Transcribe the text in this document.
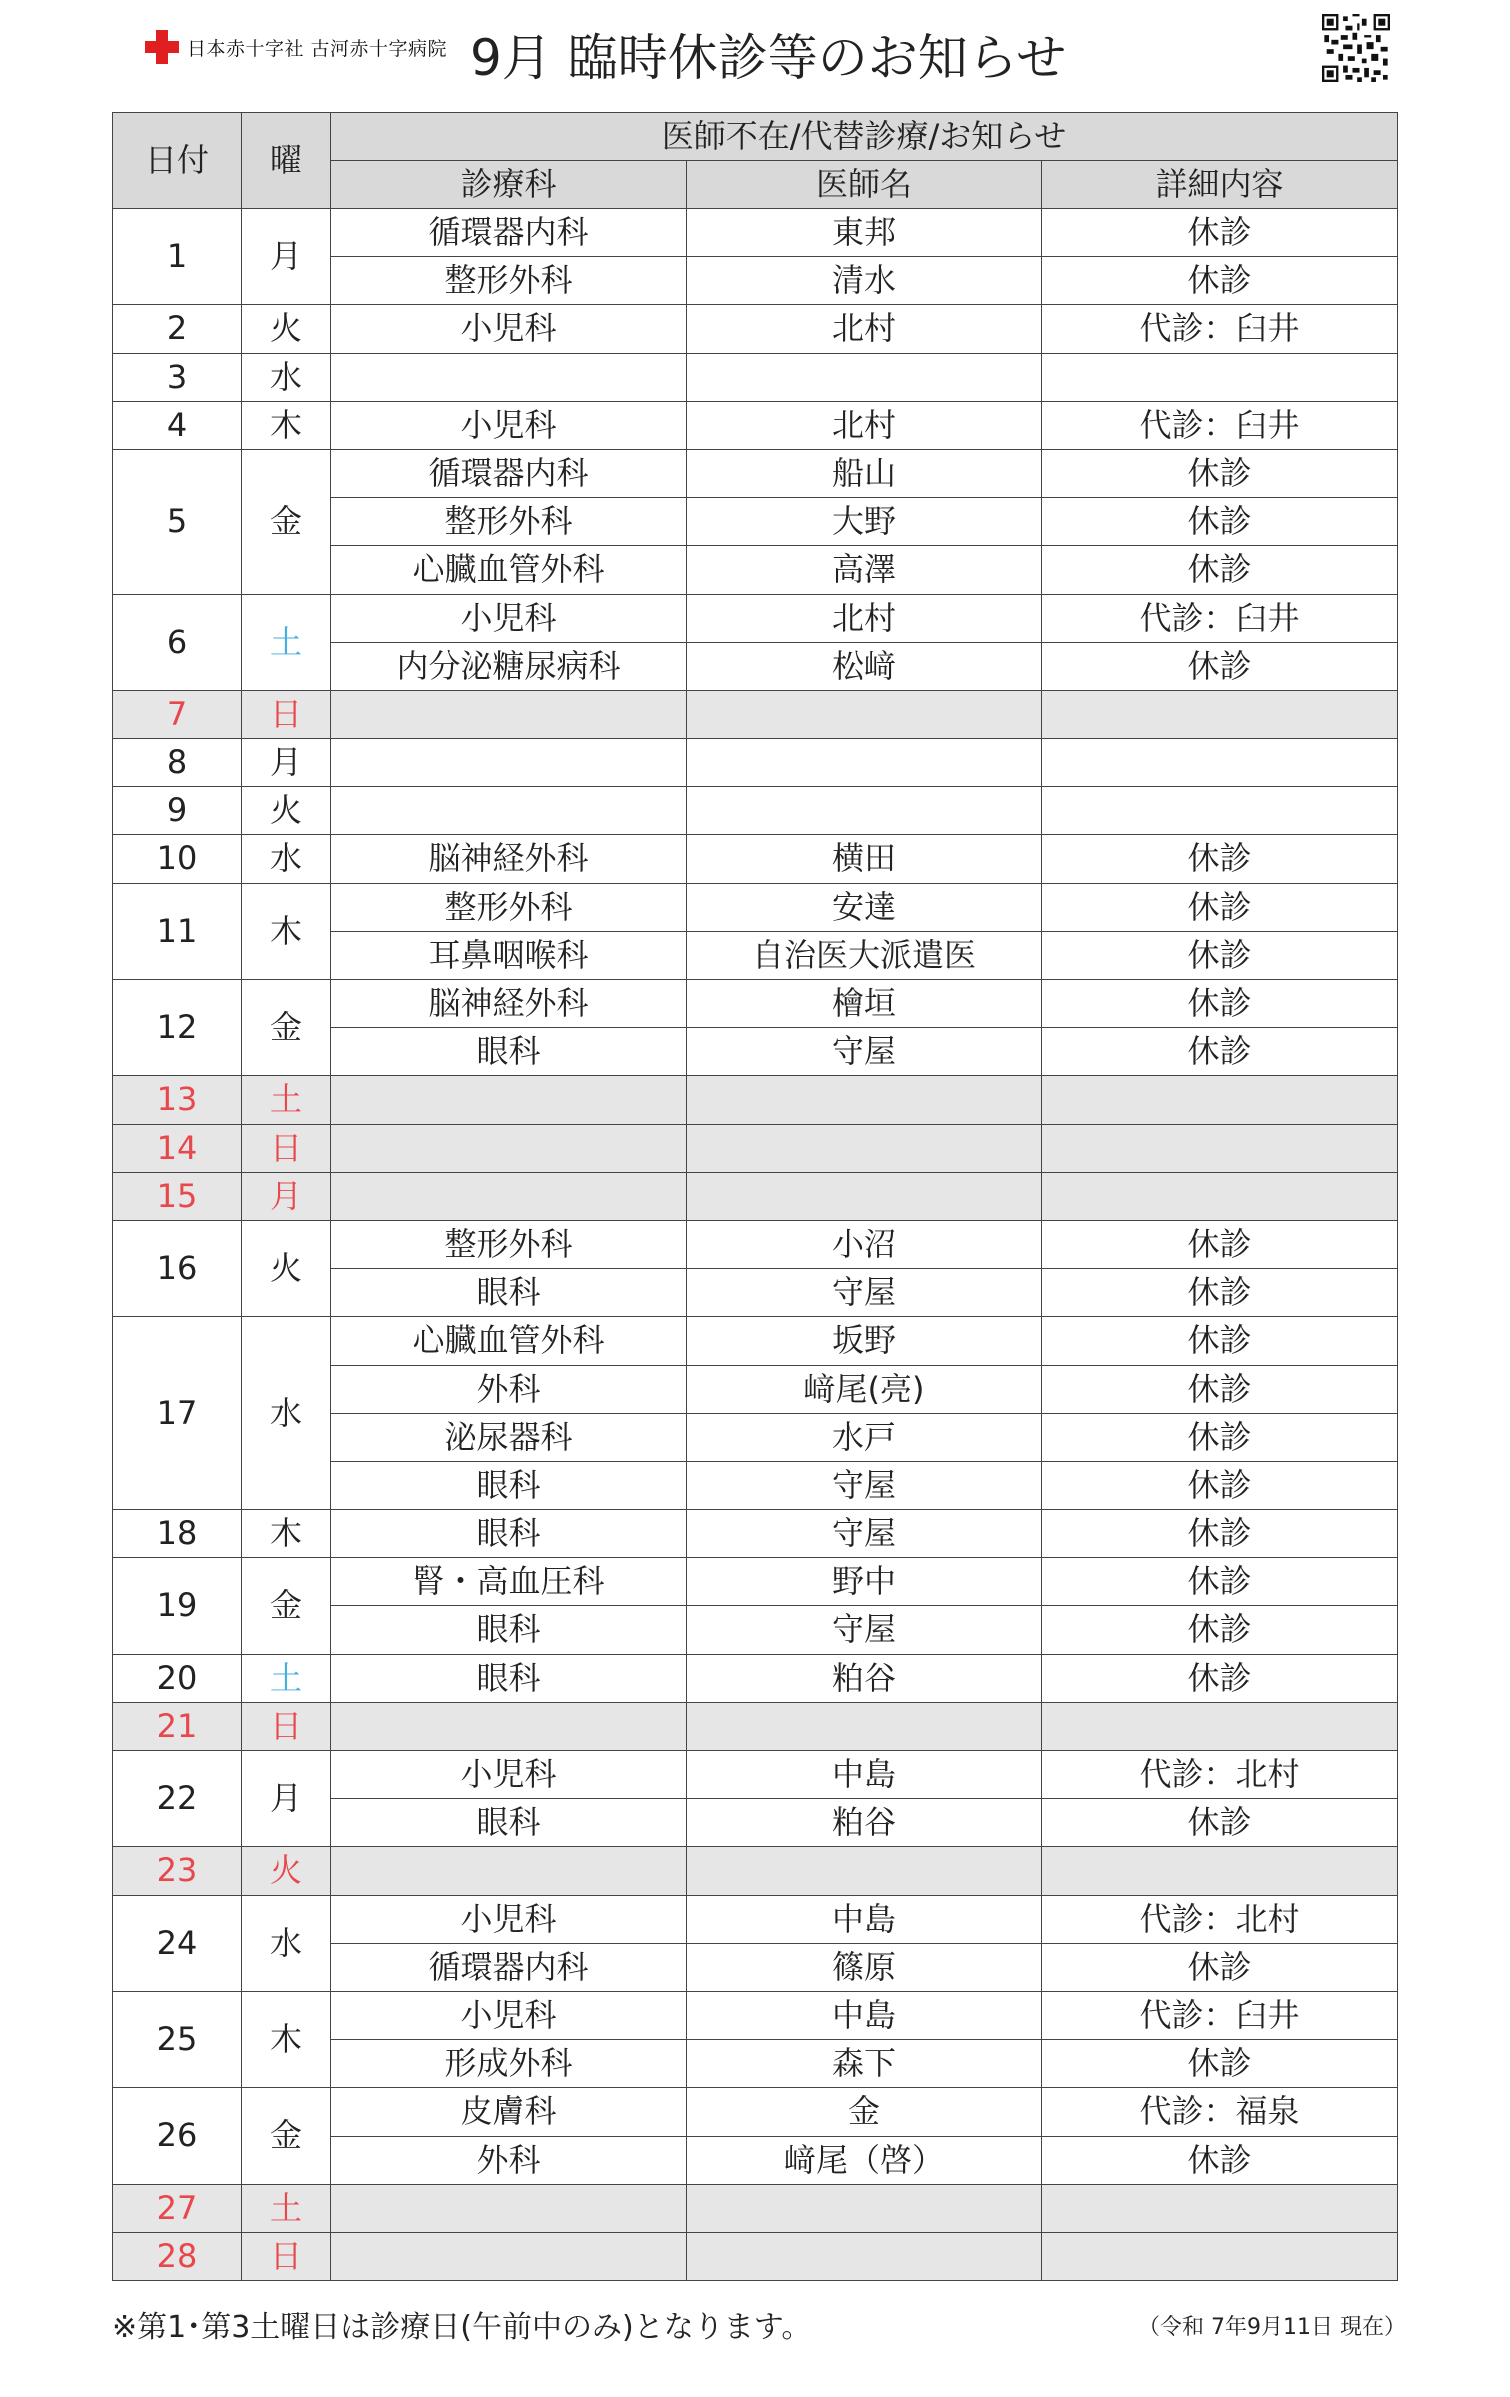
日本赤十字社 古河赤十字病院 9月 臨時休診等のお知らせ
日付	曜	医師不在/代替診療/お知らせ		
		診療科	医師名	詳細内容
1	月	循環器内科	東邦	休診
		整形外科	清水	休診
2	火	小児科	北村	代診：臼井
3	水			
4	木	小児科	北村	代診：臼井
5	金	循環器内科	船山	休診
		整形外科	大野	休診
		心臓血管外科	高澤	休診
6	土	小児科	北村	代診：臼井
		内分泌糖尿病科	松﨑	休診
7	日			
8	月			
9	火			
10	水	脳神経外科	横田	休診
11	木	整形外科	安達	休診
		耳鼻咽喉科	自治医大派遣医	休診
12	金	脳神経外科	檜垣	休診
		眼科	守屋	休診
13	土			
14	日			
15	月			
16	火	整形外科	小沼	休診
		眼科	守屋	休診
17	水	心臓血管外科	坂野	休診
		外科	﨑尾(亮)	休診
		泌尿器科	水戸	休診
		眼科	守屋	休診
18	木	眼科	守屋	休診
19	金	腎・高血圧科	野中	休診
		眼科	守屋	休診
20	土	眼科	粕谷	休診
21	日			
22	月	小児科	中島	代診：北村
		眼科	粕谷	休診
23	火			
24	水	小児科	中島	代診：北村
		循環器内科	篠原	休診
25	木	小児科	中島	代診：臼井
		形成外科	森下	休診
26	金	皮膚科	金	代診：福泉
		外科	﨑尾（啓）	休診
27	土			
28	日			
※第1･第3土曜日は診療日(午前中のみ)となります。	（令和 7年9月11日 現在）
